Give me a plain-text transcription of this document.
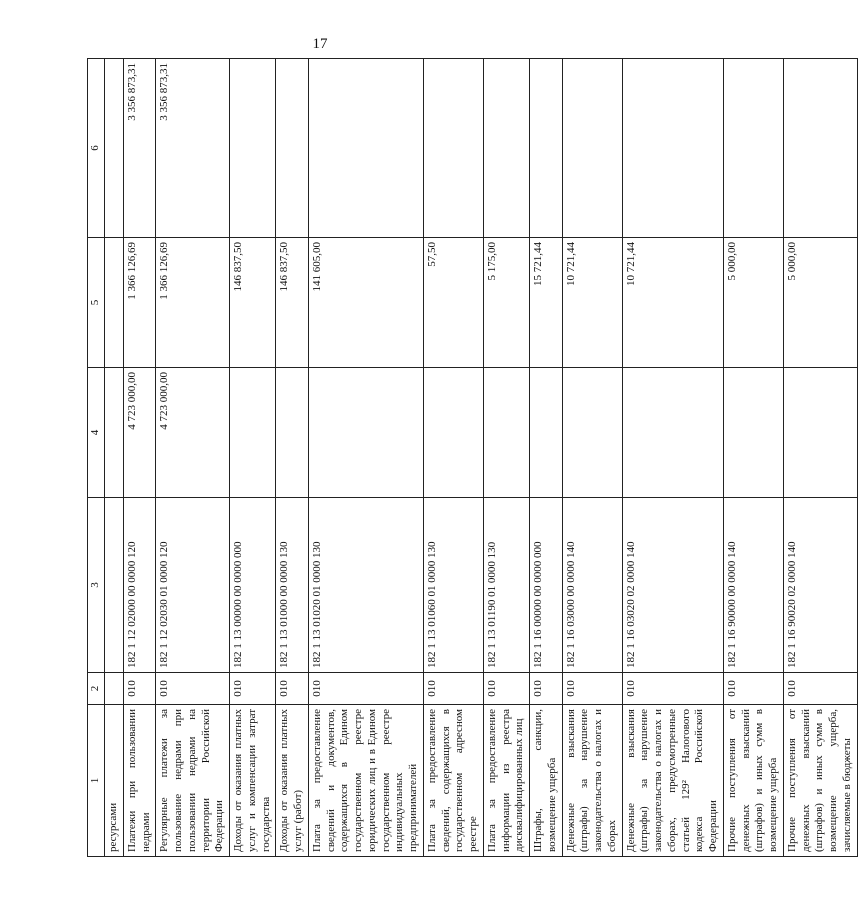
17
1	2	3	4	5	6
ресурсами					
Платежи при пользовании недрами	010	182 1 12 02000 00 0000 120	4 723 000,00	1 366 126,69	3 356 873,31
Регулярные платежи за пользование недрами при пользовании недрами на территории Российской Федерации	010	182 1 12 02030 01 0000 120	4 723 000,00	1 366 126,69	3 356 873,31
Доходы от оказания платных услуг и компенсации затрат государства	010	182 1 13 00000 00 0000 000		146 837,50	
Доходы от оказания платных услуг (работ)	010	182 1 13 01000 00 0000 130		146 837,50	
Плата за предоставление сведений и документов, содержащихся в Едином государственном реестре юридических лиц и в Едином государственном реестре индивидуальных предпринимателей	010	182 1 13 01020 01 0000 130		141 605,00	
Плата за предоставление сведений, содержащихся в государственном адресном реестре	010	182 1 13 01060 01 0000 130		57,50	
Плата за предоставление информации из реестра дисквалифицированных лиц	010	182 1 13 01190 01 0000 130		5 175,00	
Штрафы, санкции, возмещение ущерба	010	182 1 16 00000 00 0000 000		15 721,44	
Денежные взыскания (штрафы) за нарушение законодательства о налогах и сборах	010	182 1 16 03000 00 0000 140		10 721,44	
Денежные взыскания (штрафы) за нарушение законодательства о налогах и сборах, предусмотренные статьей 129² Налогового кодекса Российской Федерации	010	182 1 16 03020 02 0000 140		10 721,44	
Прочие поступления от денежных взысканий (штрафов) и иных сумм в возмещение ущерба	010	182 1 16 90000 00 0000 140		5 000,00	
Прочие поступления от денежных взысканий (штрафов) и иных сумм в возмещение ущерба, зачисляемые в бюджеты	010	182 1 16 90020 02 0000 140		5 000,00	
